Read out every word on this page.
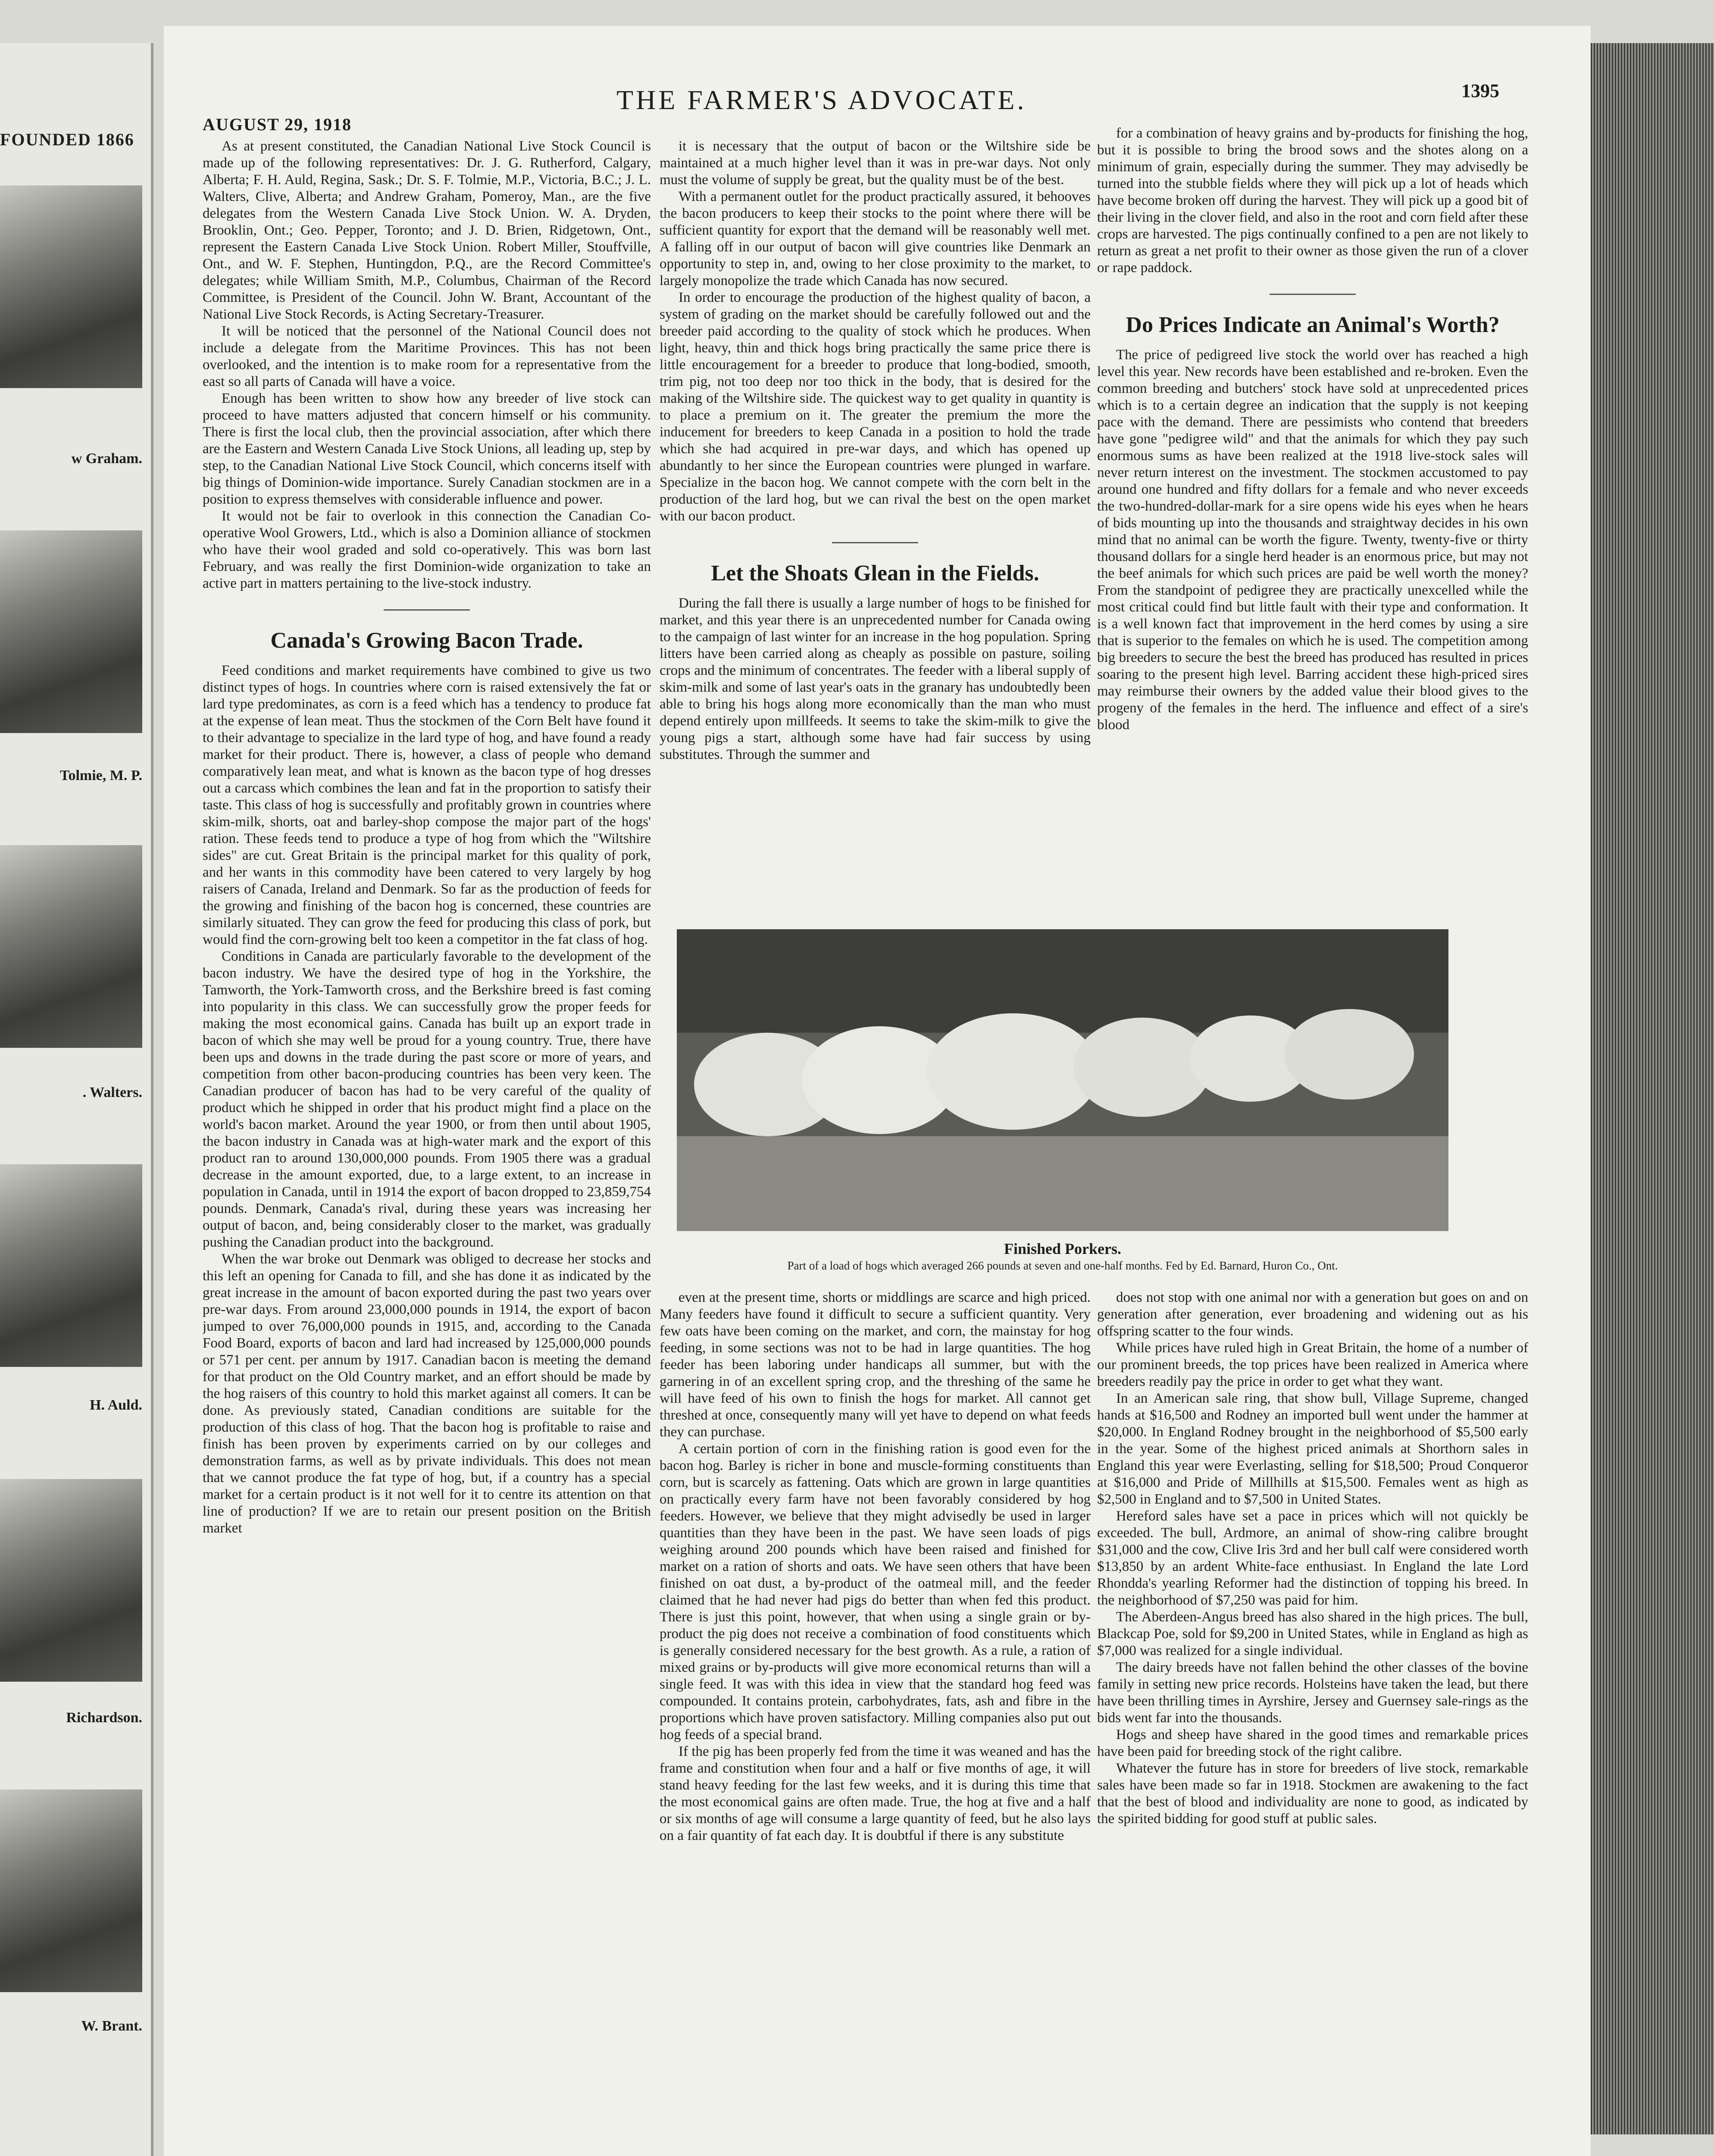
FOUNDED 1866
w Graham.
Tolmie, M. P.
. Walters.
H. Auld.
Richardson.
W. Brant.
AUGUST 29, 1918
THE FARMER'S ADVOCATE.	1395

As at present constituted, the Canadian National Live Stock Council is made up of the following representatives: Dr. J. G. Rutherford, Calgary, Alberta; F. H. Auld, Regina, Sask.; Dr. S. F. Tolmie, M.P., Victoria, B.C.; J. L. Walters, Clive, Alberta; and Andrew Graham, Pomeroy, Man., are the five delegates from the Western Canada Live Stock Union. W. A. Dryden, Brooklin, Ont.; Geo. Pepper, Toronto; and J. D. Brien, Ridgetown, Ont., represent the Eastern Canada Live Stock Union. Robert Miller, Stouffville, Ont., and W. F. Stephen, Huntingdon, P.Q., are the Record Committee's delegates; while William Smith, M.P., Columbus, Chairman of the Record Committee, is President of the Council. John W. Brant, Accountant of the National Live Stock Records, is Acting Secretary-Treasurer.

It will be noticed that the personnel of the National Council does not include a delegate from the Maritime Provinces. This has not been overlooked, and the intention is to make room for a representative from the east so all parts of Canada will have a voice.

Enough has been written to show how any breeder of live stock can proceed to have matters adjusted that concern himself or his community. There is first the local club, then the provincial association, after which there are the Eastern and Western Canada Live Stock Unions, all leading up, step by step, to the Canadian National Live Stock Council, which concerns itself with big things of Dominion-wide importance. Surely Canadian stockmen are in a position to express themselves with considerable influence and power.

It would not be fair to overlook in this connection the Canadian Co-operative Wool Growers, Ltd., which is also a Dominion alliance of stockmen who have their wool graded and sold co-operatively. This was born last February, and was really the first Dominion-wide organization to take an active part in matters pertaining to the live-stock industry.

Canada's Growing Bacon Trade.

Feed conditions and market requirements have combined to give us two distinct types of hogs. In countries where corn is raised extensively the fat or lard type predominates, as corn is a feed which has a tendency to produce fat at the expense of lean meat. Thus the stockmen of the Corn Belt have found it to their advantage to specialize in the lard type of hog, and have found a ready market for their product. There is, however, a class of people who demand comparatively lean meat, and what is known as the bacon type of hog dresses out a carcass which combines the lean and fat in the proportion to satisfy their taste. This class of hog is successfully and profitably grown in countries where skim-milk, shorts, oat and barley-shop compose the major part of the hogs' ration. These feeds tend to produce a type of hog from which the "Wiltshire sides" are cut. Great Britain is the principal market for this quality of pork, and her wants in this commodity have been catered to very largely by hog raisers of Canada, Ireland and Denmark. So far as the production of feeds for the growing and finishing of the bacon hog is concerned, these countries are similarly situated. They can grow the feed for producing this class of pork, but would find the corn-growing belt too keen a competitor in the fat class of hog.

Conditions in Canada are particularly favorable to the development of the bacon industry. We have the desired type of hog in the Yorkshire, the Tamworth, the York-Tamworth cross, and the Berkshire breed is fast coming into popularity in this class. We can successfully grow the proper feeds for making the most economical gains. Canada has built up an export trade in bacon of which she may well be proud for a young country. True, there have been ups and downs in the trade during the past score or more of years, and competition from other bacon-producing countries has been very keen. The Canadian producer of bacon has had to be very careful of the quality of product which he shipped in order that his product might find a place on the world's bacon market. Around the year 1900, or from then until about 1905, the bacon industry in Canada was at high-water mark and the export of this product ran to around 130,000,000 pounds. From 1905 there was a gradual decrease in the amount exported, due, to a large extent, to an increase in population in Canada, until in 1914 the export of bacon dropped to 23,859,754 pounds. Denmark, Canada's rival, during these years was increasing her output of bacon, and, being considerably closer to the market, was gradually pushing the Canadian product into the background.

When the war broke out Denmark was obliged to decrease her stocks and this left an opening for Canada to fill, and she has done it as indicated by the great increase in the amount of bacon exported during the past two years over pre-war days. From around 23,000,000 pounds in 1914, the export of bacon jumped to over 76,000,000 pounds in 1915, and, according to the Canada Food Board, exports of bacon and lard had increased by 125,000,000 pounds or 571 per cent. per annum by 1917. Canadian bacon is meeting the demand for that product on the Old Country market, and an effort should be made by the hog raisers of this country to hold this market against all comers. It can be done. As previously stated, Canadian conditions are suitable for the production of this class of hog. That the bacon hog is profitable to raise and finish has been proven by experiments carried on by our colleges and demonstration farms, as well as by private individuals. This does not mean that we cannot produce the fat type of hog, but, if a country has a special market for a certain product is it not well for it to centre its attention on that line of production? If we are to retain our present position on the British market

it is necessary that the output of bacon or the Wiltshire side be maintained at a much higher level than it was in pre-war days. Not only must the volume of supply be great, but the quality must be of the best.

With a permanent outlet for the product practically assured, it behooves the bacon producers to keep their stocks to the point where there will be sufficient quantity for export that the demand will be reasonably well met. A falling off in our output of bacon will give countries like Denmark an opportunity to step in, and, owing to her close proximity to the market, to largely monopolize the trade which Canada has now secured.

In order to encourage the production of the highest quality of bacon, a system of grading on the market should be carefully followed out and the breeder paid according to the quality of stock which he produces. When light, heavy, thin and thick hogs bring practically the same price there is little encouragement for a breeder to produce that long-bodied, smooth, trim pig, not too deep nor too thick in the body, that is desired for the making of the Wiltshire side. The quickest way to get quality in quantity is to place a premium on it. The greater the premium the more the inducement for breeders to keep Canada in a position to hold the trade which she had acquired in pre-war days, and which has opened up abundantly to her since the European countries were plunged in warfare. Specialize in the bacon hog. We cannot compete with the corn belt in the production of the lard hog, but we can rival the best on the open market with our bacon product.

Let the Shoats Glean in the Fields.

During the fall there is usually a large number of hogs to be finished for market, and this year there is an unprecedented number for Canada owing to the campaign of last winter for an increase in the hog population. Spring litters have been carried along as cheaply as possible on pasture, soiling crops and the minimum of concentrates. The feeder with a liberal supply of skim-milk and some of last year's oats in the granary has undoubtedly been able to bring his hogs along more economically than the man who must depend entirely upon millfeeds. It seems to take the skim-milk to give the young pigs a start, although some have had fair success by using substitutes. Through the summer and

for a combination of heavy grains and by-products for finishing the hog, but it is possible to bring the brood sows and the shotes along on a minimum of grain, especially during the summer. They may advisedly be turned into the stubble fields where they will pick up a lot of heads which have become broken off during the harvest. They will pick up a good bit of their living in the clover field, and also in the root and corn field after these crops are harvested. The pigs continually confined to a pen are not likely to return as great a net profit to their owner as those given the run of a clover or rape paddock.

Do Prices Indicate an Animal's Worth?

The price of pedigreed live stock the world over has reached a high level this year. New records have been established and re-broken. Even the common breeding and butchers' stock have sold at unprecedented prices which is to a certain degree an indication that the supply is not keeping pace with the demand. There are pessimists who contend that breeders have gone "pedigree wild" and that the animals for which they pay such enormous sums as have been realized at the 1918 live-stock sales will never return interest on the investment. The stockmen accustomed to pay around one hundred and fifty dollars for a female and who never exceeds the two-hundred-dollar-mark for a sire opens wide his eyes when he hears of bids mounting up into the thousands and straightway decides in his own mind that no animal can be worth the figure. Twenty, twenty-five or thirty thousand dollars for a single herd header is an enormous price, but may not the beef animals for which such prices are paid be well worth the money? From the standpoint of pedigree they are practically unexcelled while the most critical could find but little fault with their type and conformation. It is a well known fact that improvement in the herd comes by using a sire that is superior to the females on which he is used. The competition among big breeders to secure the best the breed has produced has resulted in prices soaring to the present high level. Barring accident these high-priced sires may reimburse their owners by the added value their blood gives to the progeny of the females in the herd. The influence and effect of a sire's blood

Finished Porkers.
Part of a load of hogs which averaged 266 pounds at seven and one-half months. Fed by Ed. Barnard, Huron Co., Ont.

even at the present time, shorts or middlings are scarce and high priced. Many feeders have found it difficult to secure a sufficient quantity. Very few oats have been coming on the market, and corn, the mainstay for hog feeding, in some sections was not to be had in large quantities. The hog feeder has been laboring under handicaps all summer, but with the garnering in of an excellent spring crop, and the threshing of the same he will have feed of his own to finish the hogs for market. All cannot get threshed at once, consequently many will yet have to depend on what feeds they can purchase.

A certain portion of corn in the finishing ration is good even for the bacon hog. Barley is richer in bone and muscle-forming constituents than corn, but is scarcely as fattening. Oats which are grown in large quantities on practically every farm have not been favorably considered by hog feeders. However, we believe that they might advisedly be used in larger quantities than they have been in the past. We have seen loads of pigs weighing around 200 pounds which have been raised and finished for market on a ration of shorts and oats. We have seen others that have been finished on oat dust, a by-product of the oatmeal mill, and the feeder claimed that he had never had pigs do better than when fed this product. There is just this point, however, that when using a single grain or by-product the pig does not receive a combination of food constituents which is generally considered necessary for the best growth. As a rule, a ration of mixed grains or by-products will give more economical returns than will a single feed. It was with this idea in view that the standard hog feed was compounded. It contains protein, carbohydrates, fats, ash and fibre in the proportions which have proven satisfactory. Milling companies also put out hog feeds of a special brand.

If the pig has been properly fed from the time it was weaned and has the frame and constitution when four and a half or five months of age, it will stand heavy feeding for the last few weeks, and it is during this time that the most economical gains are often made. True, the hog at five and a half or six months of age will consume a large quantity of feed, but he also lays on a fair quantity of fat each day. It is doubtful if there is any substitute

does not stop with one animal nor with a generation but goes on and on generation after generation, ever broadening and widening out as his offspring scatter to the four winds.

While prices have ruled high in Great Britain, the home of a number of our prominent breeds, the top prices have been realized in America where breeders readily pay the price in order to get what they want.

In an American sale ring, that show bull, Village Supreme, changed hands at $16,500 and Rodney an imported bull went under the hammer at $20,000. In England Rodney brought in the neighborhood of $5,500 early in the year. Some of the highest priced animals at Shorthorn sales in England this year were Everlasting, selling for $18,500; Proud Conqueror at $16,000 and Pride of Millhills at $15,500. Females went as high as $2,500 in England and to $7,500 in United States.

Hereford sales have set a pace in prices which will not quickly be exceeded. The bull, Ardmore, an animal of show-ring calibre brought $31,000 and the cow, Clive Iris 3rd and her bull calf were considered worth $13,850 by an ardent White-face enthusiast. In England the late Lord Rhondda's yearling Reformer had the distinction of topping his breed. In the neighborhood of $7,250 was paid for him.

The Aberdeen-Angus breed has also shared in the high prices. The bull, Blackcap Poe, sold for $9,200 in United States, while in England as high as $7,000 was realized for a single individual.

The dairy breeds have not fallen behind the other classes of the bovine family in setting new price records. Holsteins have taken the lead, but there have been thrilling times in Ayrshire, Jersey and Guernsey sale-rings as the bids went far into the thousands.

Hogs and sheep have shared in the good times and remarkable prices have been paid for breeding stock of the right calibre.

Whatever the future has in store for breeders of live stock, remarkable sales have been made so far in 1918. Stockmen are awakening to the fact that the best of blood and individuality are none to good, as indicated by the spirited bidding for good stuff at public sales.
